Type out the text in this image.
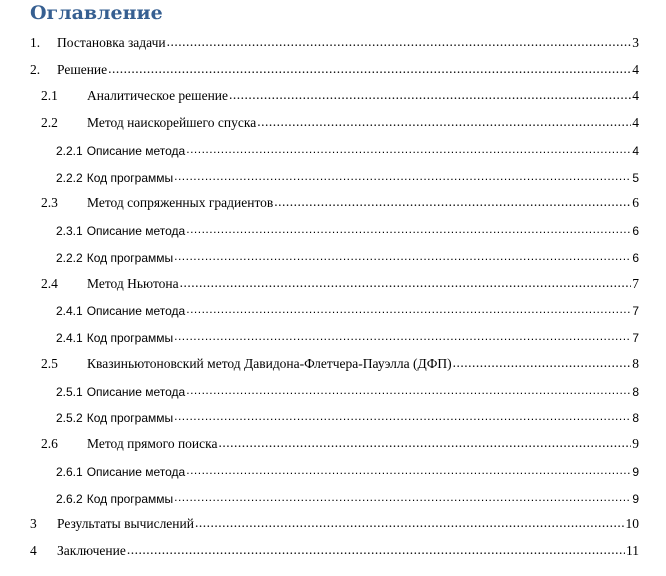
Оглавление
1.	Постановка задачи .....	3
2.	Решение .....	4
2.1	Аналитическое решение .....	4
2.2	Метод наискорейшего спуска .....	4
2.2.1 Описание метода .....	4
2.2.2 Код программы .....	5
2.3	Метод сопряженных градиентов .....	6
2.3.1 Описание метода .....	6
2.2.2 Код программы .....	6
2.4	Метод Ньютона .....	7
2.4.1 Описание метода .....	7
2.4.1 Код программы .....	7
2.5	Квазиньютоновский метод Давидона-Флетчера-Пауэлла (ДФП) .....	8
2.5.1 Описание метода .....	8
2.5.2 Код программы .....	8
2.6	Метод прямого поиска .....	9
2.6.1 Описание метода .....	9
2.6.2 Код программы .....	9
3	Результаты вычислений .....	10
4	Заключение .....	11
